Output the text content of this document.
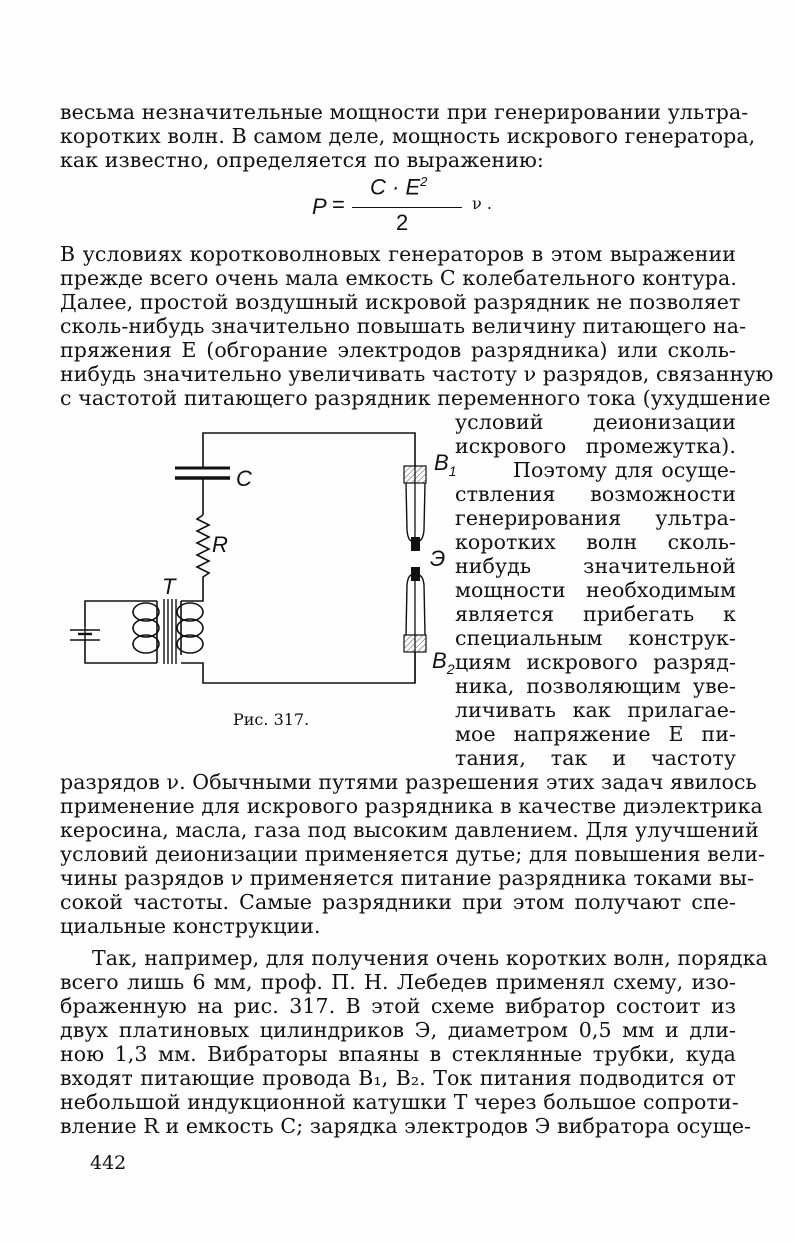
весьма незначительные мощности при генерировании ультра-
коротких волн. В самом деле, мощность искрового генератора,
как известно, определяется по выражению:
P =
$C \cdot E^2$
2
ν .
В условиях коротковолновых генераторов в этом выражении
прежде всего очень мала емкость C колебательного контура.
Далее, простой воздушный искровой разрядник не позволяет
сколь-нибудь значительно повышать величину питающего на-
пряжения E (обгорание электродов разрядника) или сколь-
нибудь значительно увеличивать частоту ν разрядов, связанную
с частотой питающего разрядник переменного тока (ухудшение
условий деионизации
искрового промежутка).
Поэтому для осуще-
ствления возможности
генерирования ультра-
коротких волн сколь-
нибудь значительной
мощности необходимым
является прибегать к
специальным конструк-
циям искрового разряд-
ника, позволяющим уве-
личивать как прилагае-
мое напряжение E пи-
тания, так и частоту
разрядов ν. Обычными путями разрешения этих задач явилось
применение для искрового разрядника в качестве диэлектрика
керосина, масла, газа под высоким давлением. Для улучшений
условий деионизации применяется дутье; для повышения вели-
чины разрядов ν применяется питание разрядника токами вы-
сокой частоты. Самые разрядники при этом получают спе-
циальные конструкции.
Так, например, для получения очень коротких волн, порядка
всего лишь 6 мм, проф. П. Н. Лебедев применял схему, изо-
браженную на рис. 317. В этой схеме вибратор состоит из
двух платиновых цилиндриков Э, диаметром 0,5 мм и дли-
ною 1,3 мм. Вибраторы впаяны в стеклянные трубки, куда
входят питающие провода B₁, B₂. Ток питания подводится от
небольшой индукционной катушки T через большое сопроти-
вление R и емкость C; зарядка электродов Э вибратора осуще-
442
C
R
T
$B_1$
Э
$B_2$
Рис. 317.
